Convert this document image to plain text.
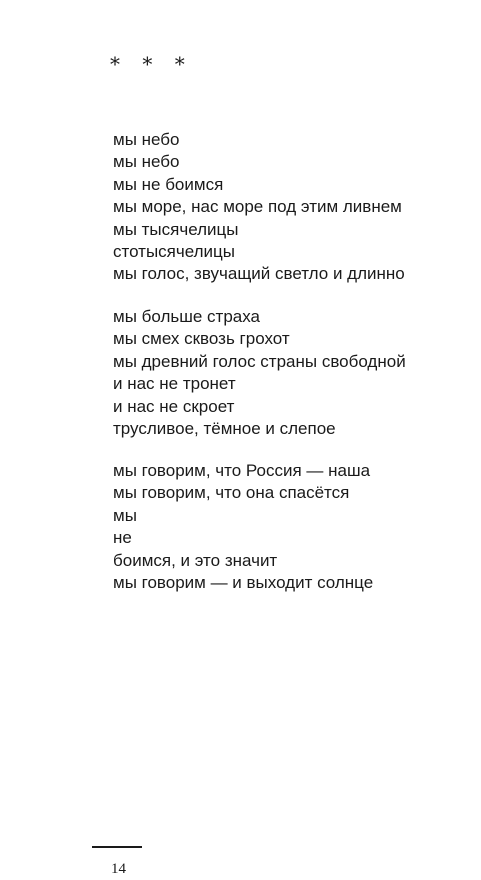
* * *
мы небо
мы небо
мы не боимся
мы море, нас море под этим ливнем
мы тысячелицы
стотысячелицы
мы голос, звучащий светло и длинно
мы больше страха
мы смех сквозь грохот
мы древний голос страны свободной
и нас не тронет
и нас не скроет
трусливое, тёмное и слепое
мы говорим, что Россия — наша
мы говорим, что она спасётся
мы
не
боимся, и это значит
мы говорим — и выходит солнце
14
